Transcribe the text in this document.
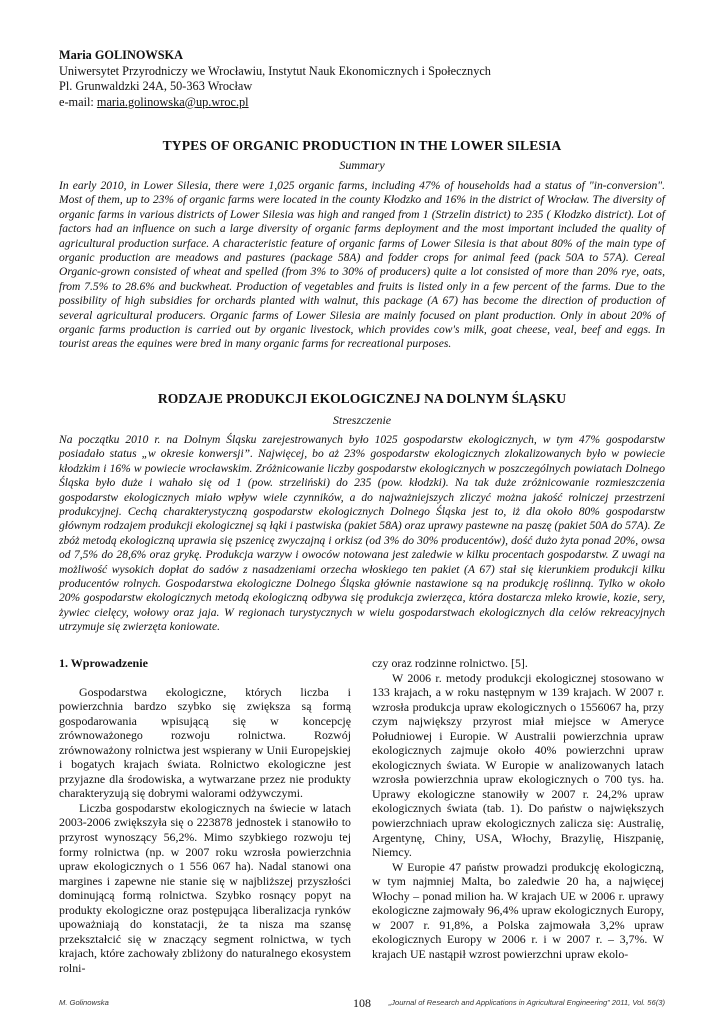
Maria GOLINOWSKA
Uniwersytet Przyrodniczy we Wrocławiu, Instytut Nauk Ekonomicznych i Społecznych
Pl. Grunwaldzki 24A, 50-363 Wrocław
e-mail: maria.golinowska@up.wroc.pl
TYPES OF ORGANIC PRODUCTION IN THE LOWER SILESIA
Summary

In early 2010, in Lower Silesia, there were 1,025 organic farms, including 47% of households had a status of "in-conversion". Most of them, up to 23% of organic farms were located in the county Kłodzko and 16% in the district of Wrocław. The diversity of organic farms in various districts of Lower Silesia was high and ranged from 1 (Strzelin district) to 235 ( Kłodzko district). Lot of factors had an influence on such a large diversity of organic farms deployment and the most important included the quality of agricultural production surface. A characteristic feature of organic farms of Lower Silesia is that about 80% of the main type of organic production are meadows and pastures (package 58A) and fodder crops for animal feed (pack 50A to 57A). Cereal Organic-grown consisted of wheat and spelled (from 3% to 30% of producers) quite a lot consisted of more than 20% rye, oats, from 7.5% to 28.6% and buckwheat. Production of vegetables and fruits is listed only in a few percent of the farms. Due to the possibility of high subsidies for orchards planted with walnut, this package (A 67) has become the direction of production of several agricultural producers. Organic farms of Lower Silesia are mainly focused on plant production. Only in about 20% of organic farms production is carried out by organic livestock, which provides cow's milk, goat cheese, veal, beef and eggs. In tourist areas the equines were bred in many organic farms for recreational purposes.

RODZAJE PRODUKCJI EKOLOGICZNEJ NA DOLNYM ŚLĄSKU
Streszczenie

Na początku 2010 r. na Dolnym Śląsku zarejestrowanych było 1025 gospodarstw ekologicznych, w tym 47% gospodarstw posiadało status „w okresie konwersji”. Najwięcej, bo aż 23% gospodarstw ekologicznych zlokalizowanych było w powiecie kłodzkim i 16% w powiecie wrocławskim. Zróżnicowanie liczby gospodarstw ekologicznych w poszczególnych powiatach Dolnego Śląska było duże i wahało się od 1 (pow. strzeliński) do 235 (pow. kłodzki). Na tak duże zróżnicowanie rozmieszczenia gospodarstw ekologicznych miało wpływ wiele czynników, a do najważniejszych zliczyć można jakość rolniczej przestrzeni produkcyjnej. Cechą charakterystyczną gospodarstw ekologicznych Dolnego Śląska jest to, iż dla około 80% gospodarstw głównym rodzajem produkcji ekologicznej są łąki i pastwiska (pakiet 58A) oraz uprawy pastewne na paszę (pakiet 50A do 57A). Ze zbóż metodą ekologiczną uprawia się pszenicę zwyczajną i orkisz (od 3% do 30% producentów), dość dużo żyta ponad 20%, owsa od 7,5% do 28,6% oraz grykę. Produkcja warzyw i owoców notowana jest zaledwie w kilku procentach gospodarstw. Z uwagi na możliwość wysokich dopłat do sadów z nasadzeniami orzecha włoskiego ten pakiet (A 67) stał się kierunkiem produkcji kilku producentów rolnych. Gospodarstwa ekologiczne Dolnego Śląska głównie nastawione są na produkcję roślinną. Tylko w około 20% gospodarstw ekologicznych metodą ekologiczną odbywa się produkcja zwierzęca, która dostarcza mleko krowie, kozie, sery, żywiec cielęcy, wołowy oraz jaja. W regionach turystycznych w wielu gospodarstwach ekologicznych dla celów rekreacyjnych utrzymuje się zwierzęta koniowate.

1. Wprowadzenie

Gospodarstwa ekologiczne, których liczba i powierzchnia bardzo szybko się zwiększa są formą gospodarowania wpisującą się w koncepcję zrównoważonego rozwoju rolnictwa. Rozwój zrównoważony rolnictwa jest wspierany w Unii Europejskiej i bogatych krajach świata. Rolnictwo ekologiczne jest przyjazne dla środowiska, a wytwarzane przez nie produkty charakteryzują się dobrymi walorami odżywczymi.

Liczba gospodarstw ekologicznych na świecie w latach 2003-2006 zwiększyła się o 223878 jednostek i stanowiło to przyrost wynoszący 56,2%. Mimo szybkiego rozwoju tej formy rolnictwa (np. w 2007 roku wzrosła powierzchnia upraw ekologicznych o 1 556 067 ha). Nadal stanowi ona margines i zapewne nie stanie się w najbliższej przyszłości dominującą formą rolnictwa. Szybko rosnący popyt na produkty ekologiczne oraz postępująca liberalizacja rynków upoważniają do konstatacji, że ta nisza ma szansę przekształcić się w znaczący segment rolnictwa, w tych krajach, które zachowały zbliżony do naturalnego ekosystem rolni-

czy oraz rodzinne rolnictwo. [5].

W 2006 r. metody produkcji ekologicznej stosowano w 133 krajach, a w roku następnym w 139 krajach. W 2007 r. wzrosła produkcja upraw ekologicznych o 1556067 ha, przy czym największy przyrost miał miejsce w Ameryce Południowej i Europie. W Australii powierzchnia upraw ekologicznych zajmuje około 40% powierzchni upraw ekologicznych świata. W Europie w analizowanych latach wzrosła powierzchnia upraw ekologicznych o 700 tys. ha. Uprawy ekologiczne stanowiły w 2007 r. 24,2% upraw ekologicznych świata (tab. 1). Do państw o największych powierzchniach upraw ekologicznych zalicza się: Australię, Argentynę, Chiny, USA, Włochy, Brazylię, Hiszpanię, Niemcy.

W Europie 47 państw prowadzi produkcję ekologiczną, w tym najmniej Malta, bo zaledwie 20 ha, a najwięcej Włochy – ponad milion ha. W krajach UE w 2006 r. uprawy ekologiczne zajmowały 96,4% upraw ekologicznych Europy, w 2007 r. 91,8%, a Polska zajmowała 3,2% upraw ekologicznych Europy w 2006 r. i w 2007 r. – 3,7%. W krajach UE nastąpił wzrost powierzchni upraw ekolo-

M. Golinowska	108	„Journal of Research and Applications in Agricultural Engineering” 2011, Vol. 56(3)
